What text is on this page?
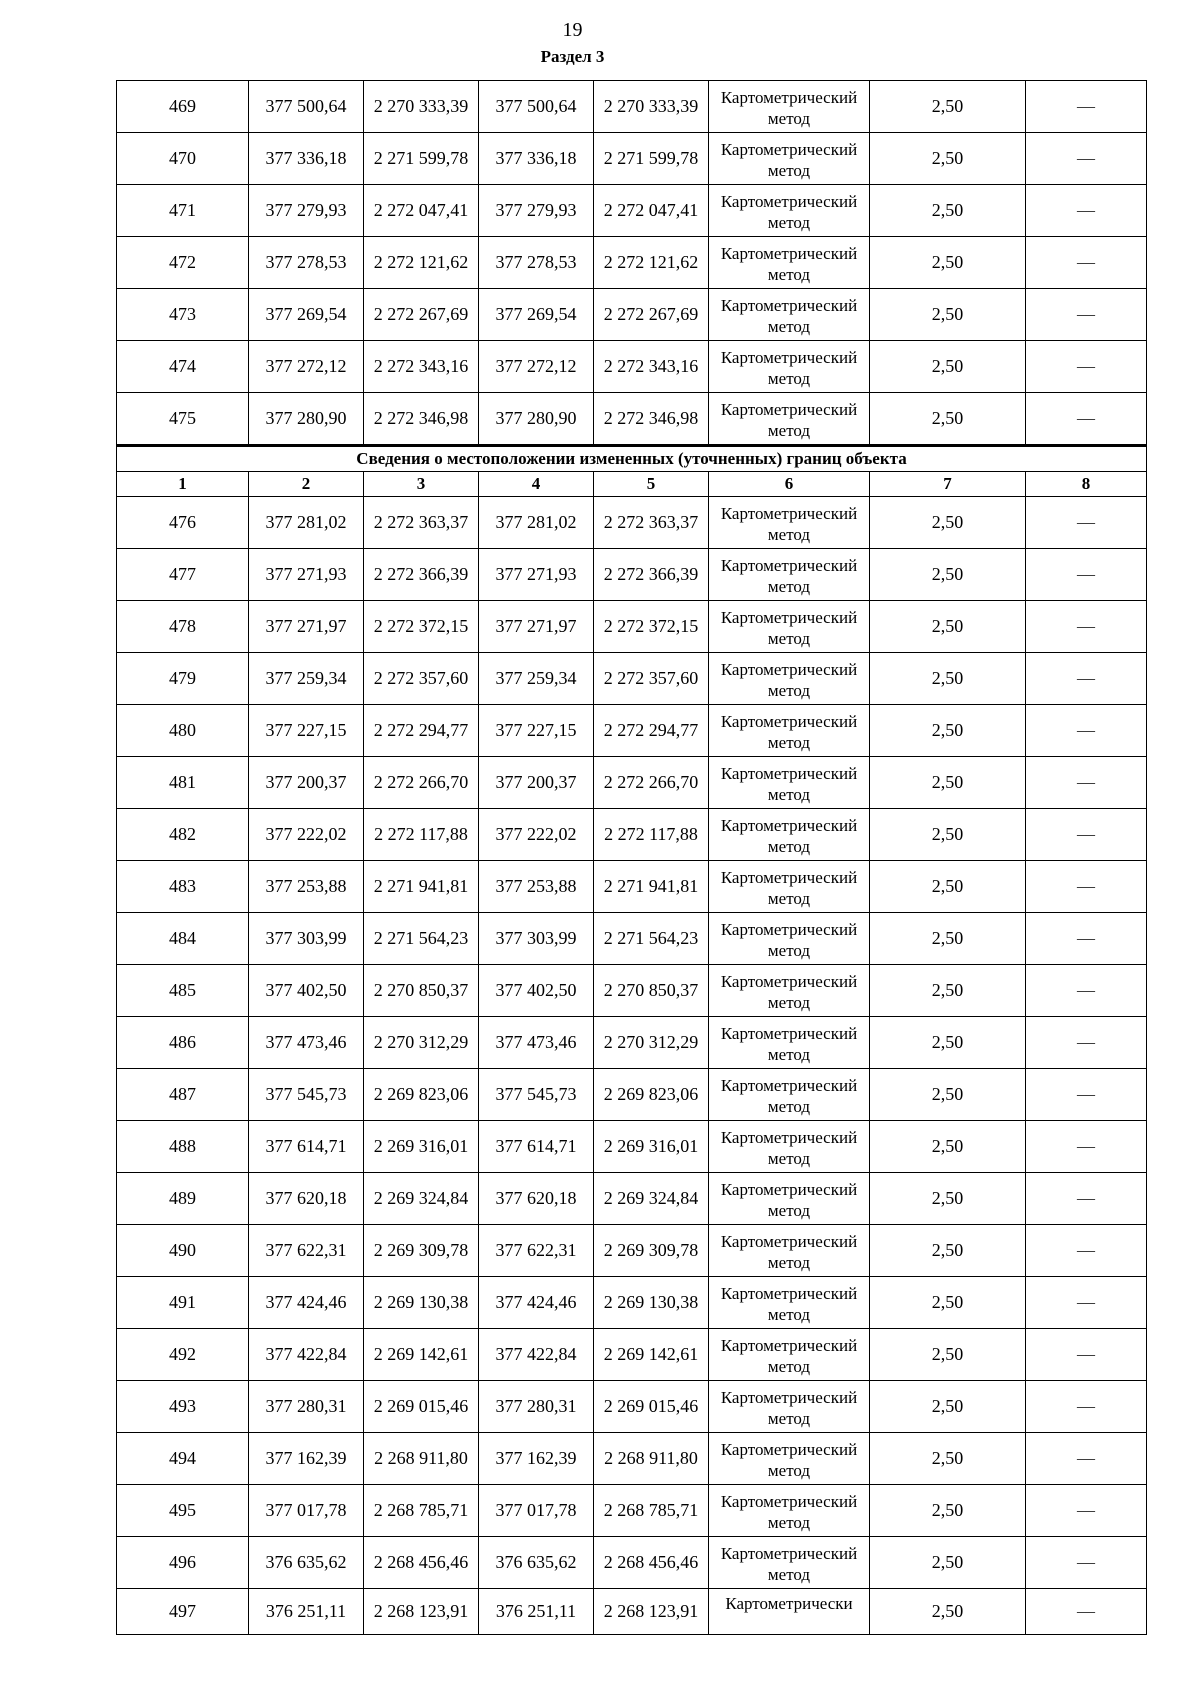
19
Раздел 3
469	377 500,64	2 270 333,39	377 500,64	2 270 333,39	Картометрический метод	2,50	—
470	377 336,18	2 271 599,78	377 336,18	2 271 599,78	Картометрический метод	2,50	—
471	377 279,93	2 272 047,41	377 279,93	2 272 047,41	Картометрический метод	2,50	—
472	377 278,53	2 272 121,62	377 278,53	2 272 121,62	Картометрический метод	2,50	—
473	377 269,54	2 272 267,69	377 269,54	2 272 267,69	Картометрический метод	2,50	—
474	377 272,12	2 272 343,16	377 272,12	2 272 343,16	Картометрический метод	2,50	—
475	377 280,90	2 272 346,98	377 280,90	2 272 346,98	Картометрический метод	2,50	—
Сведения о местоположении измененных (уточненных) границ объекта							
1	2	3	4	5	6	7	8
476	377 281,02	2 272 363,37	377 281,02	2 272 363,37	Картометрический метод	2,50	—
477	377 271,93	2 272 366,39	377 271,93	2 272 366,39	Картометрический метод	2,50	—
478	377 271,97	2 272 372,15	377 271,97	2 272 372,15	Картометрический метод	2,50	—
479	377 259,34	2 272 357,60	377 259,34	2 272 357,60	Картометрический метод	2,50	—
480	377 227,15	2 272 294,77	377 227,15	2 272 294,77	Картометрический метод	2,50	—
481	377 200,37	2 272 266,70	377 200,37	2 272 266,70	Картометрический метод	2,50	—
482	377 222,02	2 272 117,88	377 222,02	2 272 117,88	Картометрический метод	2,50	—
483	377 253,88	2 271 941,81	377 253,88	2 271 941,81	Картометрический метод	2,50	—
484	377 303,99	2 271 564,23	377 303,99	2 271 564,23	Картометрический метод	2,50	—
485	377 402,50	2 270 850,37	377 402,50	2 270 850,37	Картометрический метод	2,50	—
486	377 473,46	2 270 312,29	377 473,46	2 270 312,29	Картометрический метод	2,50	—
487	377 545,73	2 269 823,06	377 545,73	2 269 823,06	Картометрический метод	2,50	—
488	377 614,71	2 269 316,01	377 614,71	2 269 316,01	Картометрический метод	2,50	—
489	377 620,18	2 269 324,84	377 620,18	2 269 324,84	Картометрический метод	2,50	—
490	377 622,31	2 269 309,78	377 622,31	2 269 309,78	Картометрический метод	2,50	—
491	377 424,46	2 269 130,38	377 424,46	2 269 130,38	Картометрический метод	2,50	—
492	377 422,84	2 269 142,61	377 422,84	2 269 142,61	Картометрический метод	2,50	—
493	377 280,31	2 269 015,46	377 280,31	2 269 015,46	Картометрический метод	2,50	—
494	377 162,39	2 268 911,80	377 162,39	2 268 911,80	Картометрический метод	2,50	—
495	377 017,78	2 268 785,71	377 017,78	2 268 785,71	Картометрический метод	2,50	—
496	376 635,62	2 268 456,46	376 635,62	2 268 456,46	Картометрический метод	2,50	—
497	376 251,11	2 268 123,91	376 251,11	2 268 123,91	Картометрически	2,50	—
